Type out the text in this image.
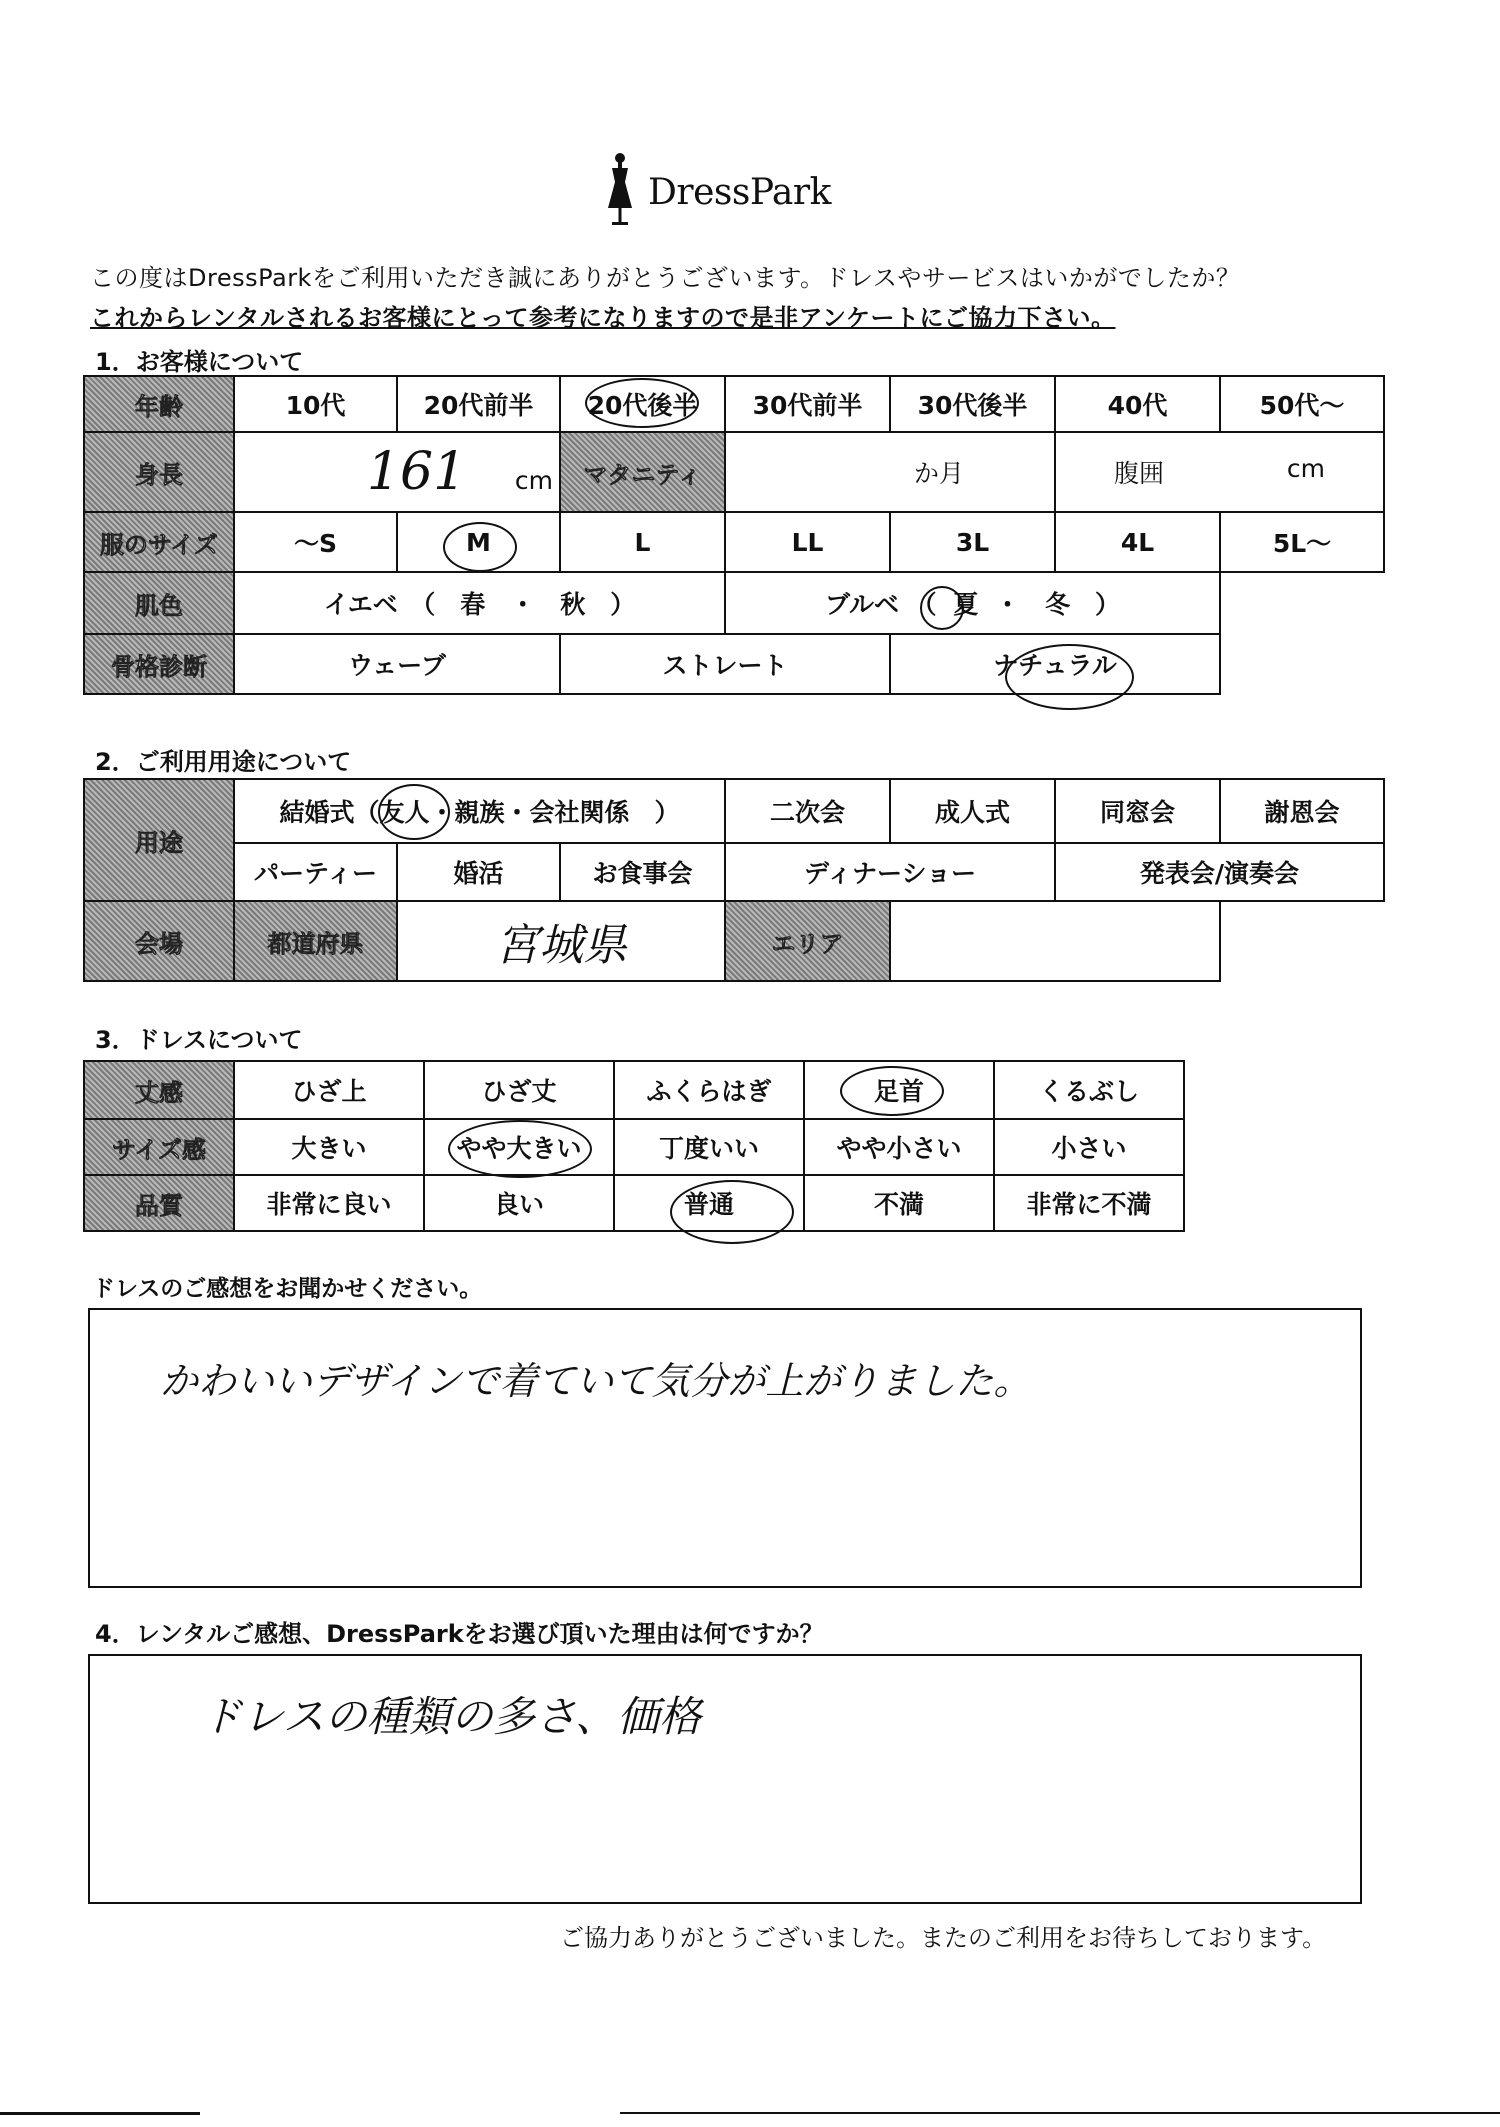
DressPark
この度はDressParkをご利用いただき誠にありがとうございます。ドレスやサービスはいかがでしたか？
これからレンタルされるお客様にとって参考になりますので是非アンケートにご協力下さい。
1．お客様について
年齢	10代	20代前半	20代後半	30代前半	30代後半	40代	50代～
身長	161 cm		マタニティ	か月		腹囲 cm	

服のサイズ	～S	M	L	LL	3L	4L	5L～
肌色	イエベ　（　春　・　秋　）			ブルベ　（ 夏 ・　冬　）			
骨格診断	ウェーブ		ストレート		ナチュラル		
2．ご利用用途について
用途	結婚式（友人・親族・会社関係　）			二次会	成人式	同窓会	謝恩会
	パーティー	婚活	お食事会	ディナーショー		発表会/演奏会	
会場	都道府県	宮城県		エリア			
3．ドレスについて
丈感	ひざ上	ひざ丈	ふくらはぎ	足首	くるぶし
サイズ感	大きい	やや大きい	丁度いい	やや小さい	小さい
品質	非常に良い	良い	普通	不満	非常に不満
ドレスのご感想をお聞かせください。
かわいいデザインで着ていて気分が上がりました。
4．レンタルご感想、DressParkをお選び頂いた理由は何ですか？
ドレスの種類の多さ、価格
ご協力ありがとうございました。またのご利用をお待ちしております。
